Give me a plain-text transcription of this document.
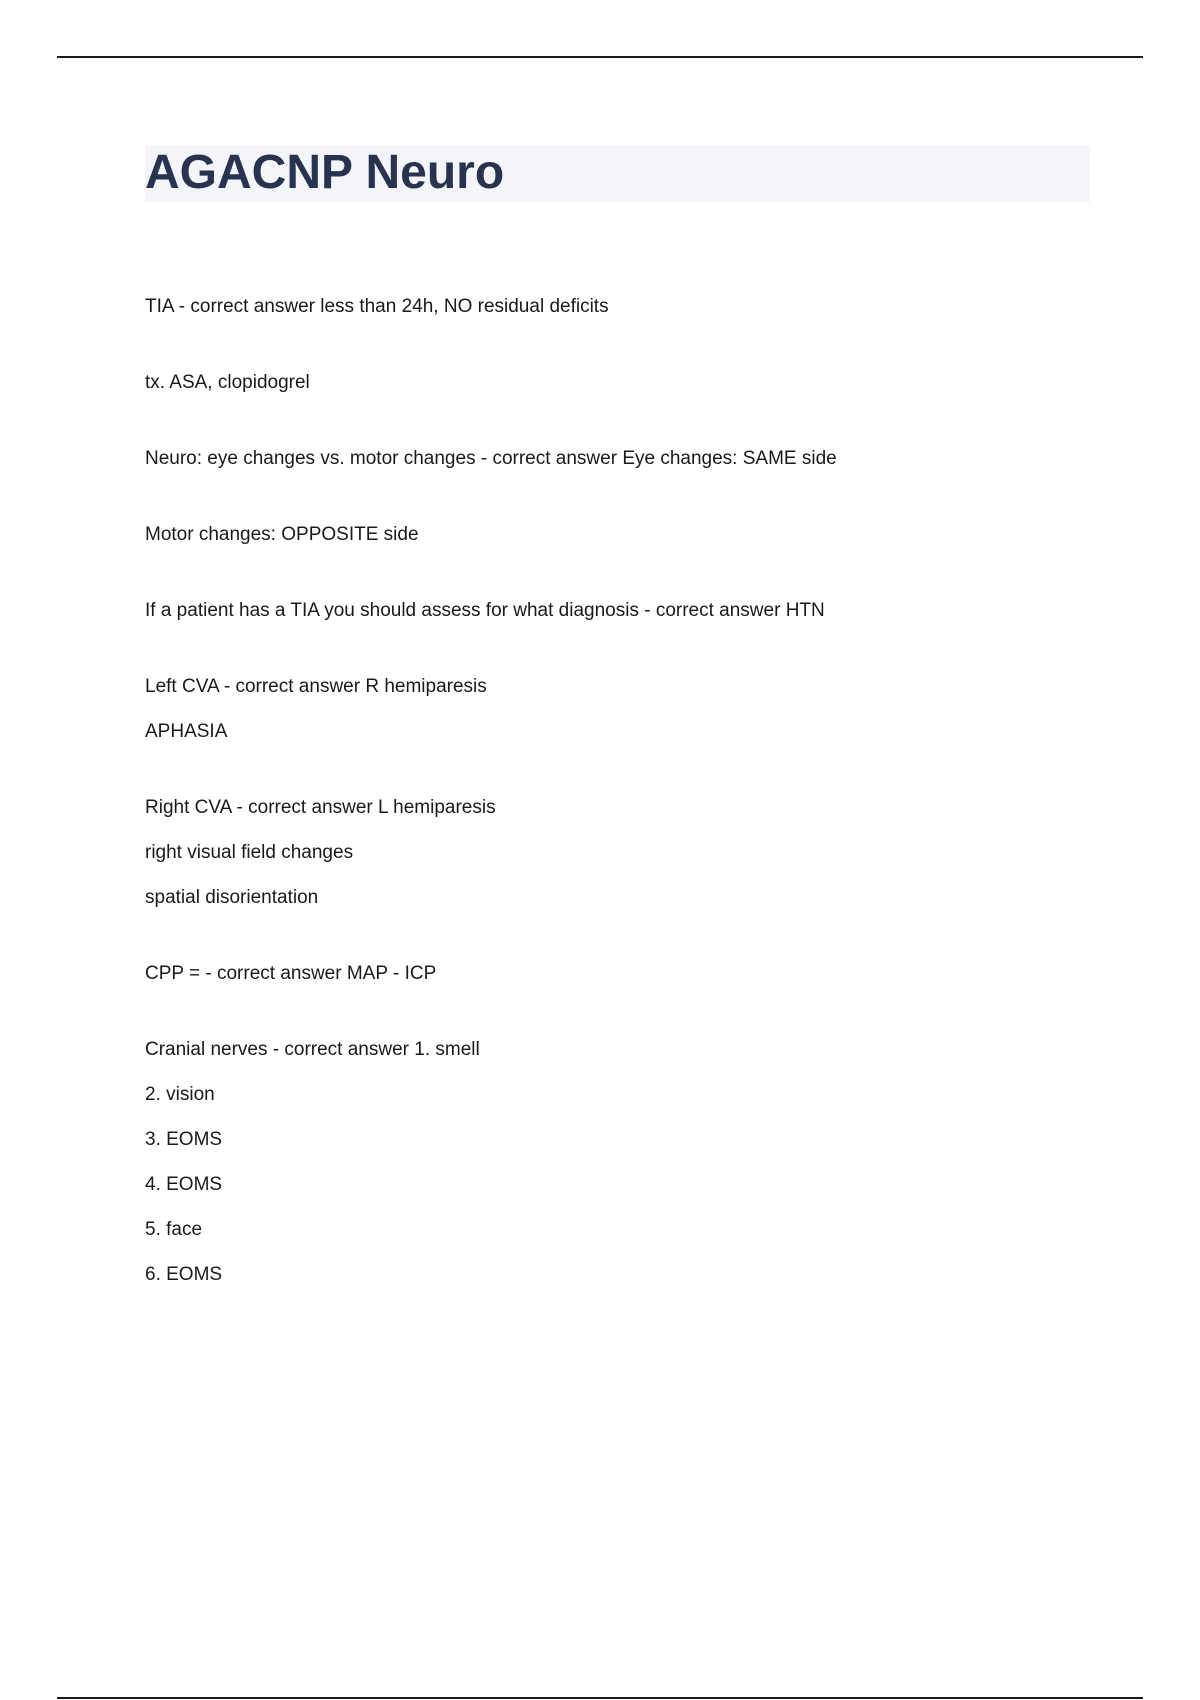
AGACNP Neuro
TIA - correct answer less than 24h, NO residual deficits
tx. ASA, clopidogrel
Neuro: eye changes vs. motor changes - correct answer Eye changes: SAME side
Motor changes: OPPOSITE side
If a patient has a TIA you should assess for what diagnosis - correct answer HTN
Left CVA - correct answer R hemiparesis
APHASIA
Right CVA - correct answer L hemiparesis
right visual field changes
spatial disorientation
CPP = - correct answer MAP - ICP
Cranial nerves - correct answer 1. smell
2. vision
3. EOMS
4. EOMS
5. face
6. EOMS
